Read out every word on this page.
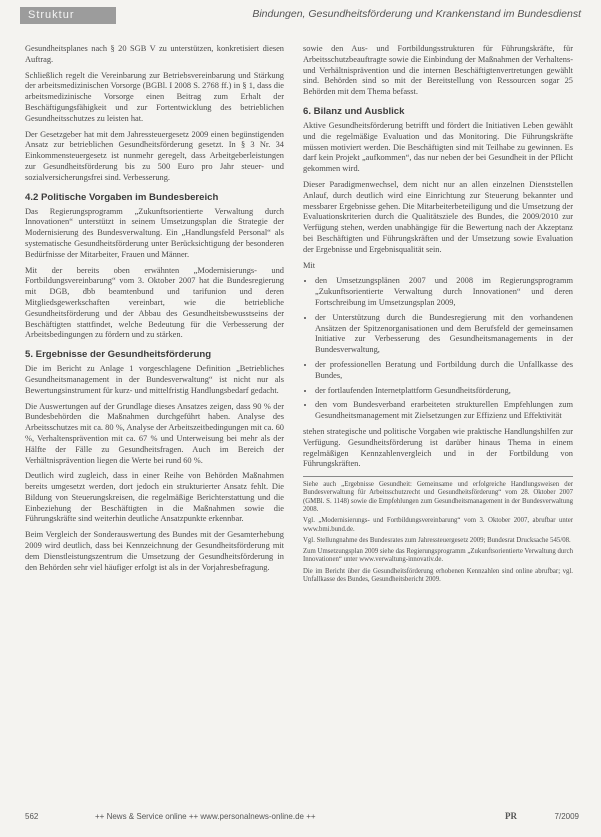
Struktur	Bindungen, Gesundheitsförderung und Krankenstand im Bundesdienst

Gesundheitsplanes nach § 20 SGB V zu unterstützen, konkretisiert diesen Auftrag.

Schließlich regelt die Vereinbarung zur Betriebsvereinbarung und Stärkung der arbeitsmedizinischen Vorsorge (BGBl. I 2008 S. 2768 ff.) in § 1, dass die arbeitsmedizinische Vorsorge einen Beitrag zum Erhalt der Beschäftigungsfähigkeit und zur Fortentwicklung des betrieblichen Gesundheitsschutzes zu leisten hat.

Der Gesetzgeber hat mit dem Jahressteuergesetz 2009 einen begünstigenden Ansatz zur betrieblichen Gesundheitsförderung gesetzt. In § 3 Nr. 34 Einkommensteuergesetz ist nunmehr geregelt, dass Arbeitgeberleistungen zur Gesundheitsförderung bis zu 500 Euro pro Jahr steuer- und sozialversicherungsfrei sind. Verbesserung.

4.2 Politische Vorgaben im Bundesbereich

Das Regierungsprogramm „Zukunftsorientierte Verwaltung durch Innovationen“ unterstützt in seinem Umsetzungsplan die Strategie der Modernisierung des Bundesverwaltung. Ein „Handlungsfeld Personal“ als systematische Gesundheitsförderung unter Berücksichtigung der besonderen Bedürfnisse der Mitarbeiter, Frauen und Männer.

Mit der bereits oben erwähnten „Modernisierungs- und Fortbildungsvereinbarung“ vom 3. Oktober 2007 hat die Bundesregierung mit DGB, dbb beamtenbund und tarifunion und deren Mitgliedsgewerkschaften vereinbart, wie die betriebliche Gesundheitsförderung und der Abbau des Gesundheitsbewusstseins der Beschäftigten stattfindet, welche Bedeutung für die Verbesserung der Arbeitsbedingungen zu fördern und zu stärken.

5. Ergebnisse der Gesundheitsförderung

Die im Bericht zu Anlage 1 vorgeschlagene Definition „Betriebliches Gesundheitsmanagement in der Bundesverwaltung“ ist nicht nur als Bewertungsinstrument für kurz- und mittelfristig Handlungsbedarf gedacht.

Die Auswertungen auf der Grundlage dieses Ansatzes zeigen, dass 90 % der Bundesbehörden die Maßnahmen durchgeführt haben. Analyse des Arbeitsschutzes mit ca. 80 %, Analyse der Arbeitszeitbedingungen mit ca. 60 %, Verhaltensprävention mit ca. 67 % und Unterweisung bei mehr als der Hälfte der Fälle zu Gesundheitsfragen. Auch im Bereich der Verhältnisprävention liegen die Werte bei rund 60 %.

Deutlich wird zugleich, dass in einer Reihe von Behörden Maßnahmen bereits umgesetzt werden, dort jedoch ein strukturierter Ansatz fehlt. Die Bildung von Steuerungskreisen, die regelmäßige Berichterstattung und die Einbeziehung der Beschäftigten in die Maßnahmen sowie die Führungskräfte sind weiterhin deutliche Ansatzpunkte erkennbar.

Beim Vergleich der Sonderauswertung des Bundes mit der Gesamterhebung 2009 wird deutlich, dass bei Kennzeichnung der Gesundheitsförderung mit dem Dienstleistungszentrum die Umsetzung der Gesundheitsförderung in den Behörden sehr viel häufiger erfolgt ist als in der Vorjahresbefragung.

sowie den Aus- und Fortbildungsstrukturen für Führungskräfte, für Arbeitsschutzbeauftragte sowie die Einbindung der Maßnahmen der Verhaltens- und Verhältnisprävention und die internen Beschäftigtenvertretungen gewählt sind. Behörden sind so mit der Bereitstellung von Ressourcen sogar 25 Behörden mit dem Thema befasst.

6. Bilanz und Ausblick

Aktive Gesundheitsförderung betrifft und fördert die Initiativen Leben gewählt und die regelmäßige Evaluation und das Monitoring. Die Führungskräfte müssen motiviert werden. Die Beschäftigten sind mit Teilhabe zu gewinnen. Es darf kein Projekt „aufkommen“, das nur neben der bei Gesundheit in der Pflicht gekommen wird.

Dieser Paradigmenwechsel, dem nicht nur an allen einzelnen Dienststellen Anlauf, durch deutlich wird eine Einrichtung zur Steuerung bekannter und messbarer Ergebnisse gehen. Die Mitarbeiterbeteiligung und die Umsetzung der Evaluationskriterien durch die Qualitätsziele des Bundes, die 2009/2010 zur Verfügung stehen, werden unabhängige für die Bewertung nach der Akzeptanz bei Beschäftigten und Führungskräften und der Umsetzung sowie Evaluation der Ergebnisse und Ergebnisqualität sein.

Mit

• den Umsetzungsplänen 2007 und 2008 im Regierungsprogramm „Zukunftsorientierte Verwaltung durch Innovationen“ und deren Fortschreibung im Umsetzungsplan 2009,
• der Unterstützung durch die Bundesregierung mit den vorhandenen Ansätzen der Spitzenorganisationen und dem Berufsfeld der gemeinsamen Initiative zur Verbesserung des Gesundheitsmanagements in der Bundesverwaltung,
• der professionellen Beratung und Fortbildung durch die Unfallkasse des Bundes,
• der fortlaufenden Internetplattform Gesundheitsförderung,
• den vom Bundesverband erarbeiteten strukturellen Empfehlungen zum Gesundheitsmanagement mit Zielsetzungen zur Effizienz und Effektivität

stehen strategische und politische Vorgaben wie praktische Handlungshilfen zur Verfügung. Gesundheitsförderung ist darüber hinaus Thema in einem regelmäßigen Kennzahlenvergleich und in der Fortbildung von Führungskräften.

Siehe auch „Ergebnisse Gesundheit: Gemeinsame und erfolgreiche Handlungsweisen der Bundesverwaltung für Arbeitsschutzrecht und Gesundheitsförderung“ vom 28. Oktober 2007 (GMBl. S. 1148) sowie die Empfehlungen zum Gesundheitsmanagement in der Bundesverwaltung 2008.
Vgl. „Modernisierungs- und Fortbildungsvereinbarung“ vom 3. Oktober 2007, abrufbar unter www.bmi.bund.de.
Vgl. Stellungnahme des Bundesrates zum Jahressteuergesetz 2009; Bundesrat Drucksache 545/08.
Zum Umsetzungsplan 2009 siehe das Regierungsprogramm „Zukunftsorientierte Verwaltung durch Innovationen“ unter www.verwaltung-innovativ.de.
Die im Bericht über die Gesundheitsförderung erhobenen Kennzahlen sind online abrufbar; vgl. Unfallkasse des Bundes, Gesundheitsbericht 2009.
562	++ News & Service online ++ www.personalnews-online.de ++	PR	7/2009
